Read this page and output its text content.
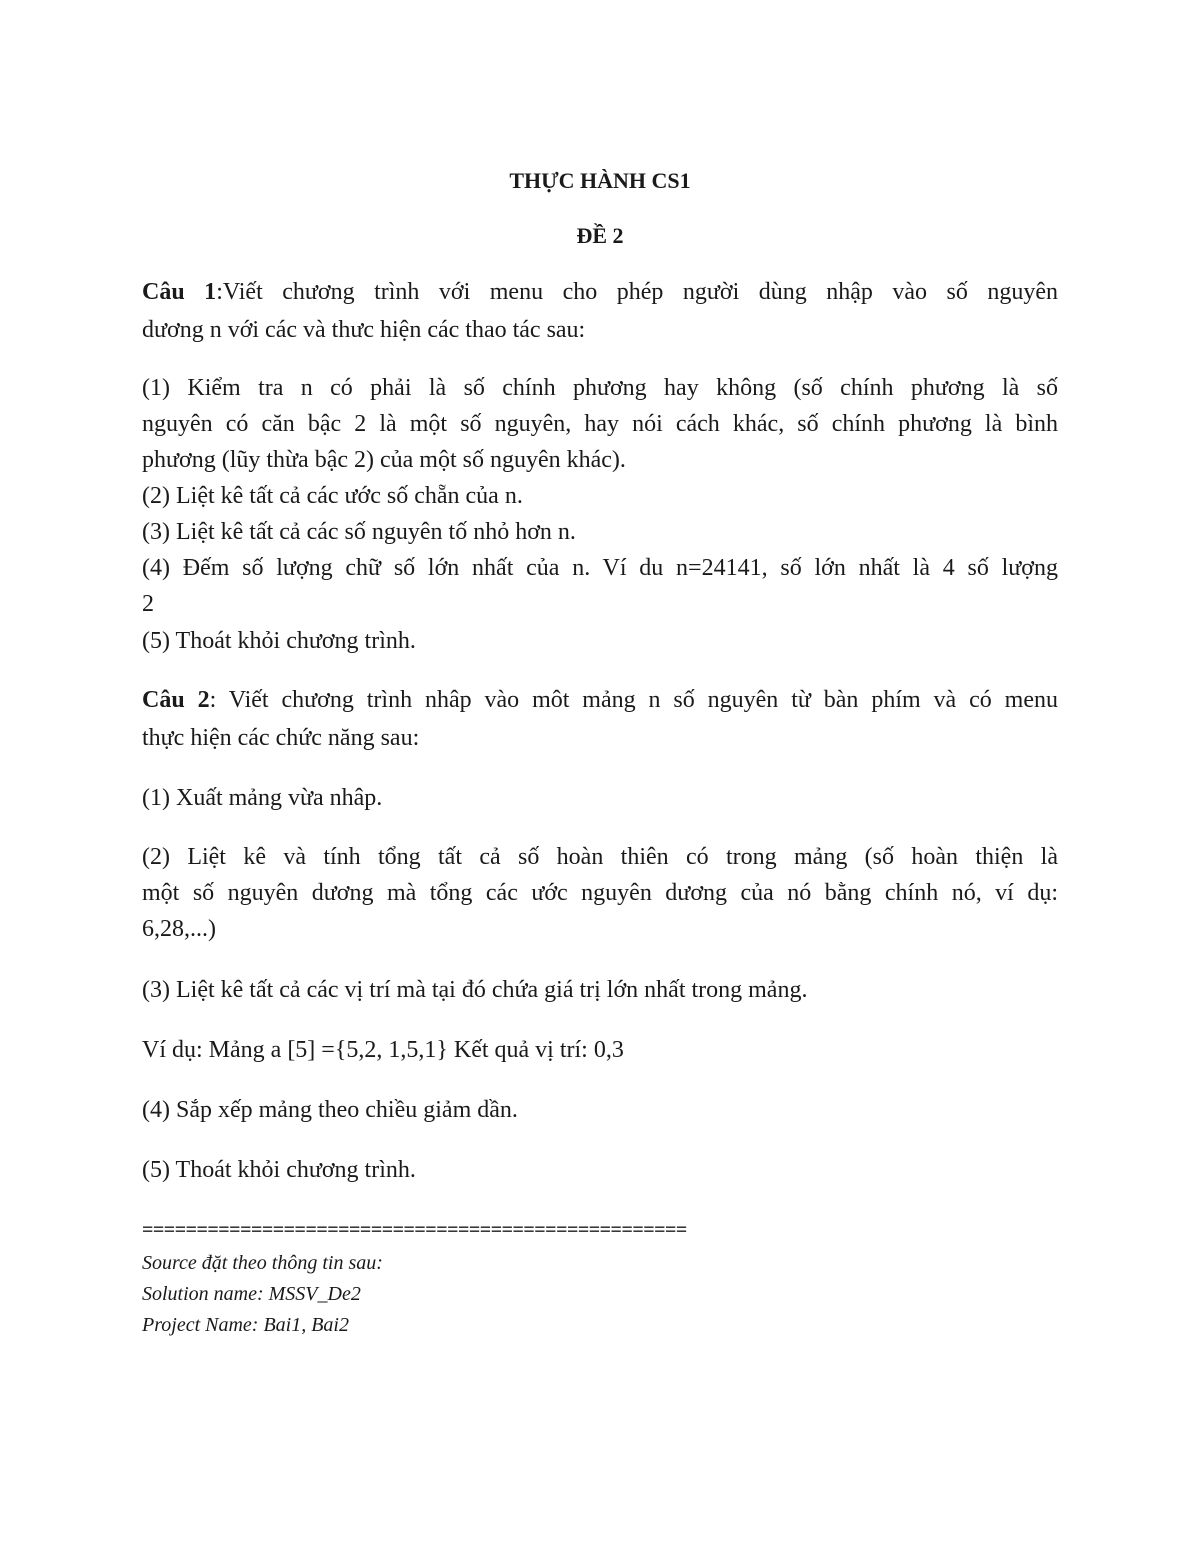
THỰC HÀNH CS1
ĐỀ 2
Câu 1:Viết chương trình với menu cho phép người dùng nhập vào số nguyên
dương n với các và thưc hiện các thao tác sau:
(1) Kiểm tra n có phải là số chính phương hay không (số chính phương là số
nguyên có căn bậc 2 là một số nguyên, hay nói cách khác, số chính phương là bình
phương (lũy thừa bậc 2) của một số nguyên khác).
(2) Liệt kê tất cả các ước số chẵn của n.
(3) Liệt kê tất cả các số nguyên tố nhỏ hơn n.
(4) Đếm số lượng chữ số lớn nhất của n. Ví du n=24141, số lớn nhất là 4 số lượng
2
(5) Thoát khỏi chương trình.
Câu 2: Viết chương trình nhâp vào môt mảng n số nguyên từ bàn phím và có menu
thực hiện các chức năng sau:
(1) Xuất mảng vừa nhâp.
(2) Liệt kê và tính tổng tất cả số hoàn thiên có trong mảng (số hoàn thiện là
một số nguyên dương mà tổng các ước nguyên dương của nó bằng chính nó, ví dụ:
6,28,...)
(3) Liệt kê tất cả các vị trí mà tại đó chứa giá trị lớn nhất trong mảng.
Ví dụ: Mảng a [5] ={5,2, 1,5,1} Kết quả vị trí: 0,3
(4) Sắp xếp mảng theo chiều giảm dần.
(5) Thoát khỏi chương trình.
==================================================
Source đặt theo thông tin sau:
Solution name: MSSV_De2
Project Name: Bai1, Bai2
